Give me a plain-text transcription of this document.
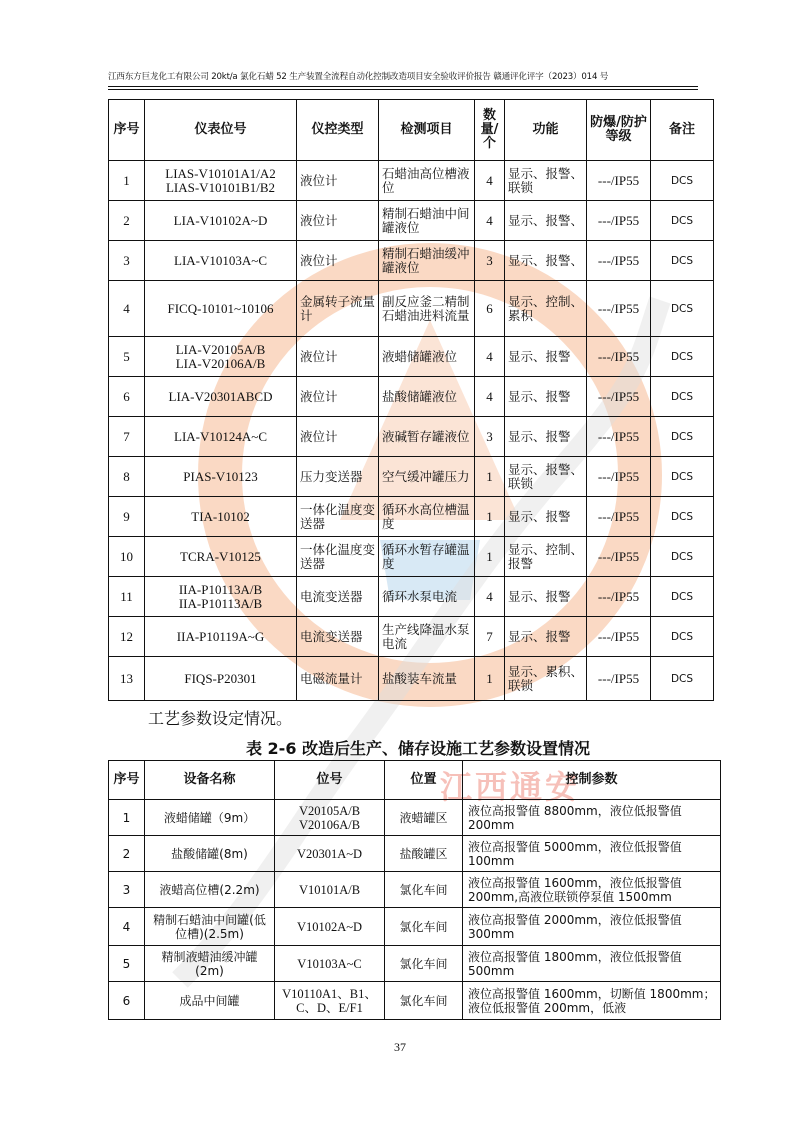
江西通安
江西东方巨龙化工有限公司 20kt/a 氯化石蜡 52 生产装置全流程自动化控制改造项目安全验收评价报告 赣通评化评字（2023）014 号
序号	仪表位号	仪控类型	检测项目	数量/个	功能	防爆/防护等级	备注
1	LIAS-V10101A1/A2
LIAS-V10101B1/B2	液位计	石蜡油高位槽液位	4	显示、报警、联锁	---/IP55	DCS
2	LIA-V10102A~D	液位计	精制石蜡油中间罐液位	4	显示、报警、	---/IP55	DCS
3	LIA-V10103A~C	液位计	精制石蜡油缓冲罐液位	3	显示、报警、	---/IP55	DCS
4	FICQ-10101~10106	金属转子流量计	副反应釜二精制石蜡油进料流量	6	显示、控制、累积	---/IP55	DCS
5	LIA-V20105A/B
LIA-V20106A/B	液位计	液蜡储罐液位	4	显示、报警	---/IP55	DCS
6	LIA-V20301ABCD	液位计	盐酸储罐液位	4	显示、报警	---/IP55	DCS
7	LIA-V10124A~C	液位计	液碱暂存罐液位	3	显示、报警	---/IP55	DCS
8	PIAS-V10123	压力变送器	空气缓冲罐压力	1	显示、报警、联锁	---/IP55	DCS
9	TIA-10102	一体化温度变送器	循环水高位槽温度	1	显示、报警	---/IP55	DCS
10	TCRA-V10125	一体化温度变送器	循环水暂存罐温度	1	显示、控制、报警	---/IP55	DCS
11	IIA-P10113A/B
IIA-P10113A/B	电流变送器	循环水泵电流	4	显示、报警	---/IP55	DCS
12	IIA-P10119A~G	电流变送器	生产线降温水泵电流	7	显示、报警	---/IP55	DCS
13	FIQS-P20301	电磁流量计	盐酸装车流量	1	显示、累积、联锁	---/IP55	DCS
工艺参数设定情况。
表 2-6 改造后生产、储存设施工艺参数设置情况
序号	设备名称	位号	位置	控制参数
1	液蜡储罐（9m）	V20105A/B
V20106A/B	液蜡罐区	液位高报警值 8800mm，液位低报警值 200mm
2	盐酸储罐(8m)	V20301A~D	盐酸罐区	液位高报警值 5000mm，液位低报警值 100mm
3	液蜡高位槽(2.2m)	V10101A/B	氯化车间	液位高报警值 1600mm，液位低报警值 200mm,高液位联锁停泵值 1500mm
4	精制石蜡油中间罐(低位槽)(2.5m)	V10102A~D	氯化车间	液位高报警值 2000mm，液位低报警值 300mm
5	精制液蜡油缓冲罐(2m)	V10103A~C	氯化车间	液位高报警值 1800mm，液位低报警值 500mm
6	成品中间罐	V10110A1、B1、C、D、E/F1	氯化车间	液位高报警值 1600mm，切断值 1800mm；液位低报警值 200mm，低液
37
